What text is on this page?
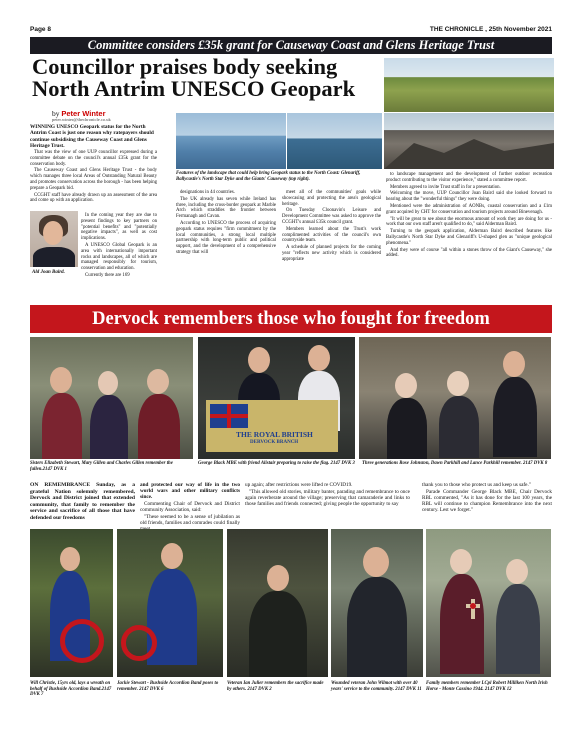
Page 8	THE CHRONICLE , 25th November 2021
Committee considers £35k grant for Causeway Coast and Glens Heritage Trust
Councillor praises body seeking
North Antrim UNESCO Geopark
by Peter Winter
peter.winter@thechronicle.co.uk
WINNING UNESCO Geopark status for the North Antrim Coast is just one reason why ratepayers should continue subsidising the Causeway Coast and Glens Heritage Trust.

That was the view of one UUP councillor expressed during a committee debate on the council's annual £35k grant for the conservation body.

The Causeway Coast and Glens Heritage Trust - the body which manages three local Areas of Outstanding Natural Beauty and promotes conservation across the borough - has been helping prepare a Geopark bid.

CCGHT staff have already drawn up an assessment of the area and come up with an application.

In the coming year they are due to present findings to key partners on "potential benefits" and "potentially negative impacts", as well as cost implications.

A UNESCO Global Geopark is an area with internationally important rocks and landscapes, all of which are managed responsibly for tourism, conservation and education.

Currently there are 169

Ald Joan Baird.
Features of the landscape that could help bring Geopark status to the North Coast: Glenariff, Ballycastle's North Star Dyke and the Giants' Causeway (top right).

designations in 44 countries.

The UK already has seven while Ireland has three, including the cross-border geopark at Marble Arch which straddles the frontier between Fermanagh and Cavan.

According to UNESCO the process of acquiring geopark status requires "firm commitment by the local communities, a strong local multiple partnership with long-term public and political support, and the development of a comprehensive strategy that will

meet all of the communities' goals while showcasing and protecting the area's geological heritage.

On Tuesday Cloonavin's Leisure and Development Committee was asked to approve the CCGHT's annual £35k council grant.

Members learned about the Trust's work complimented activities of the council's own countryside team.

A schedule of planned projects for the coming year "reflects new activity which is considered appropriate

to landscape management and the development of further outdoor recreation product contributing to the visitor experience," stated a committee report.

Members agreed to invite Trust staff in for a presentation.

Welcoming the move, UUP Councillor Joan Baird said she looked forward to hearing about the "wonderful things" they were doing.

Mentioned were the administration of AONBs, coastal conservation and a £1m grant acquired by CHT for conservation and tourism projects around Binevenagh.

"It will be great to see about the enormous amount of work they are doing for us - work that our own staff aren't qualified to do," said Alderman Baird.

Turning to the geopark application, Alderman Baird described features like Ballycastle's North Star Dyke and Glenariff's U-shaped glen as "unique geological phenomena."

And they were of course "all within a stones throw of the Giant's Causeway," she added.

Dervock remembers those who fought for freedom
Sisters Elizabeth Stewart, Mary Gillen and Charles Gillen remember the fallen.2147 DVK 1
THE ROYAL BRITISH
DERVOCK BRANCH
George Black MBE with friend Alistair preparing to raise the flag. 2147 DVK 3 Three generations Rose Johnston, Dawn Parkhill and Lance Parkhill remember. 2147 DVK 8
ON REMEMBRANCE Sunday, as a grateful Nation solemnly remembered, Dervock and District joined that extended community, that family to remember the service and sacrifice of all those that have defended our freedoms

and protected our way of life in the two world wars and other military conflicts since.

Commenting Chair of Dervock and District community Association, said:

"These seemed to be a sense of jubilation as old friends, families and comrades could finally

up again; after restrictions were lifted re COVID19.

"This allowed old stories, military banter, parading and remembrance to once again reverberate around the village; preserving that camaraderie and links to those families and friends connected; giving people the opportunity to say

thank you to those who protect us and keep us safe."

Parade Commander George Black MBE, Chair Dervock RBL commented, "As it has done for the last 100 years, the RBL will continue to champion Remembrance into the next century. Lest we forget."

Will Christie, 15yrs old, lays a wreath on behalf of Bushside Accordion Band.2147 DVK 7
Jackie Stewart - Bushside Accordion Band poses to remember. 2147 DVK 6
Veteran Ian Julier remembers the sacrifice made by others. 2147 DVK 2
Wounded veteran John Wilmot with over 40 years' service to the community. 2147 DVK 11
Family members remember LCpl Robert Milliken North Irish Horse - Monte Cassino 1944. 2147 DVK 12
